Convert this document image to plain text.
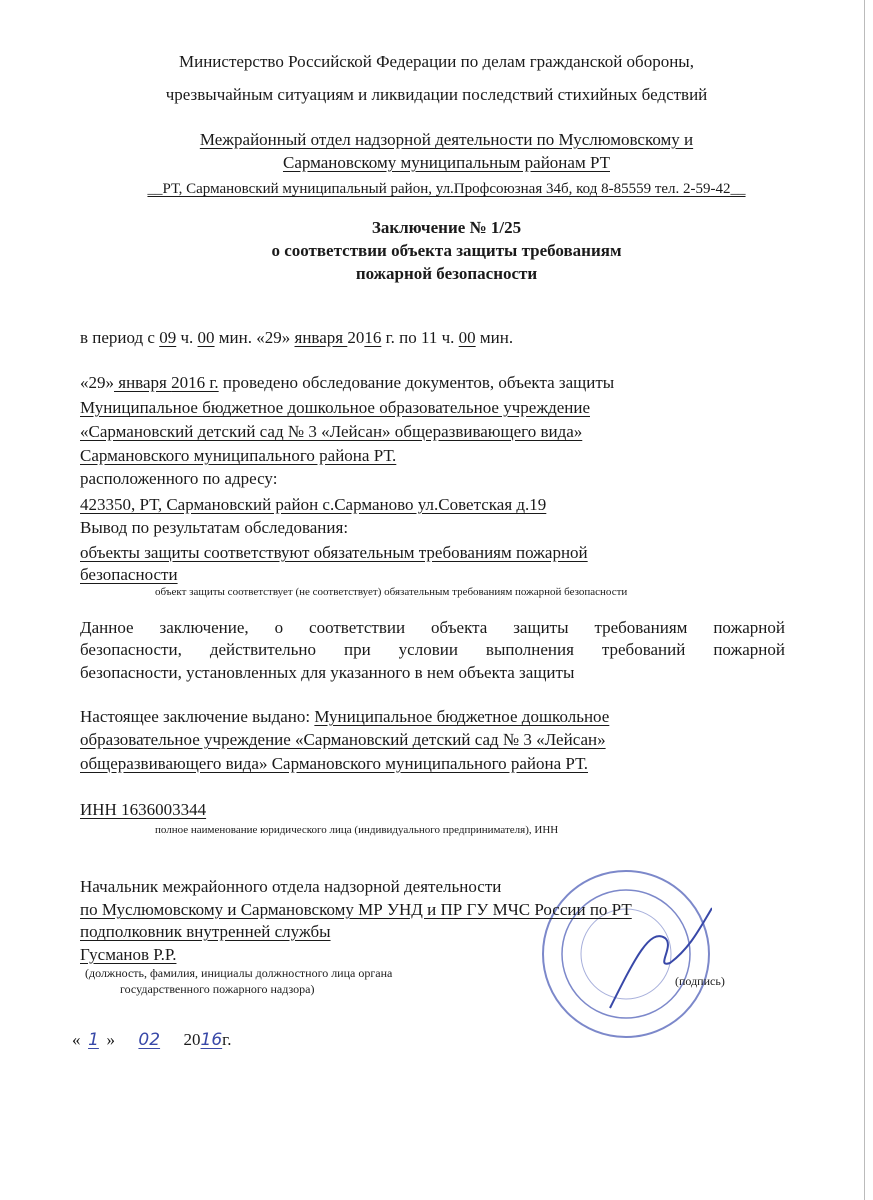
Министерство Российской Федерации по делам гражданской обороны,
чрезвычайным ситуациям и ликвидации последствий стихийных бедствий
Межрайонный отдел надзорной деятельности по Муслюмовскому и
Сармановскому муниципальным районам РТ
__РТ, Сармановский муниципальный район, ул.Профсоюзная 34б, код 8-85559 тел. 2-59-42__
Заключение № 1/25
о соответствии объекта защиты требованиям
пожарной безопасности
в период с 09 ч. 00 мин. «29» января 2016 г. по 11 ч. 00 мин.
«29» января 2016 г. проведено обследование документов, объекта защиты
Муниципальное бюджетное дошкольное образовательное учреждение
«Сармановский детский сад № 3 «Лейсан» общеразвивающего вида»
Сармановского муниципального района РТ.
расположенного по адресу:
423350, РТ, Сармановский район с.Сарманово ул.Советская д.19
Вывод по результатам обследования:
объекты защиты соответствуют обязательным требованиям пожарной
безопасности
объект защиты соответствует (не соответствует) обязательным требованиям пожарной безопасности
Данное заключение, о соответствии объекта защиты требованиям пожарной
безопасности, действительно при условии выполнения требований пожарной
безопасности, установленных для указанного в нем объекта защиты
Настоящее заключение выдано: Муниципальное бюджетное дошкольное
образовательное учреждение «Сармановский детский сад № 3 «Лейсан»
общеразвивающего вида» Сармановского муниципального района РТ.
ИНН 1636003344
полное наименование юридического лица (индивидуального предпринимателя), ИНН
Начальник межрайонного отдела надзорной деятельности
по Муслюмовскому и Сармановскому МР УНД и ПР ГУ МЧС России по РТ
подполковник внутренней службы
Гусманов Р.Р.
(должность, фамилия, инициалы должностного лица органа
государственного пожарного надзора)
(подпись)
« 1 » 02 2016г.
